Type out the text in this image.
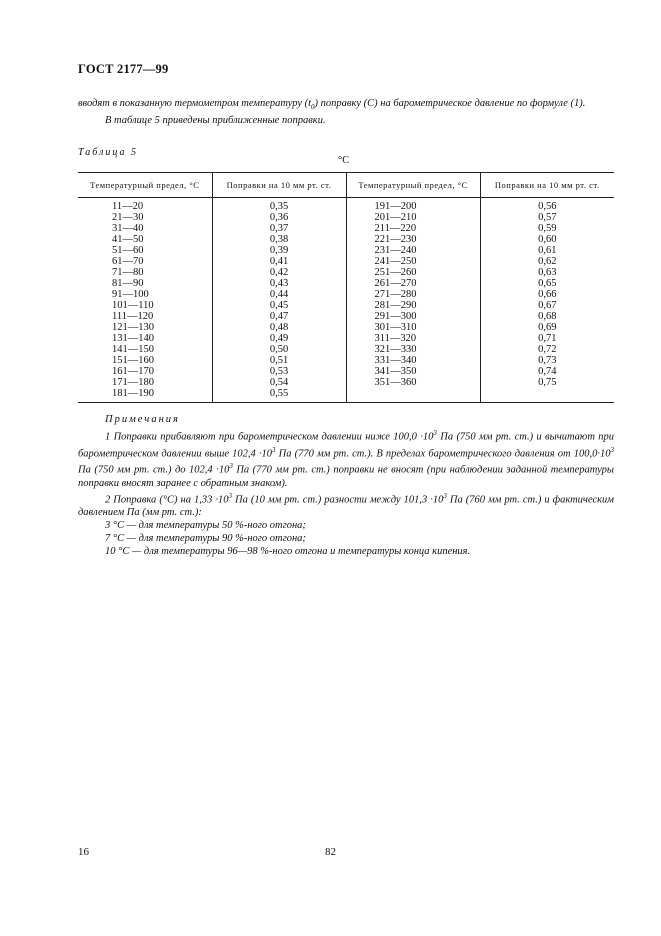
ГОСТ 2177—99

вводят в показанную термометром температуру $(t_0)$ поправку (С) на барометрическое давление по формуле (1).

В таблице 5 приведены приближенные поправки.

Таблица 5
°C
Температурный предел, °С	Поправки на 10 мм рт. ст.	Температурный предел, °С	Поправки на 10 мм рт. ст.
11—20	0,35	191—200	0,56
21—30	0,36	201—210	0,57
31—40	0,37	211—220	0,59
41—50	0,38	221—230	0,60
51—60	0,39	231—240	0,61
61—70	0,41	241—250	0,62
71—80	0,42	251—260	0,63
81—90	0,43	261—270	0,65
91—100	0,44	271—280	0,66
101—110	0,45	281—290	0,67
111—120	0,47	291—300	0,68
121—130	0,48	301—310	0,69
131—140	0,49	311—320	0,71
141—150	0,50	321—330	0,72
151—160	0,51	331—340	0,73
161—170	0,53	341—350	0,74
171—180	0,54	351—360	0,75
181—190	0,55		

Примечания

1 Поправки прибавляют при барометрическом давлении ниже $100,0 \cdot 10^3$ Па (750 мм рт. ст.) и вычитают при барометрическом давлении выше $102,4 \cdot 10^3$ Па (770 мм рт. ст.). В пределах барометрического давления от $100,0\cdot 10^3$ Па (750 мм рт. ст.) до $102,4 \cdot 10^3$ Па (770 мм рт. ст.) поправки не вносят (при наблюдении заданной температуры поправки вносят заранее с обратным знаком).

2 Поправка (°С) на $1,33 \cdot 10^3$ Па (10 мм рт. ст.) разности между $101,3 \cdot 10^3$ Па (760 мм рт. ст.) и фактическим давлением Па (мм рт. ст.):

3 °С — для температуры 50 %-ного отгона;

7 °С — для температуры 90 %-ного отгона;

10 °С — для температуры 96—98 %-ного отгона и температуры конца кипения.

16	82
